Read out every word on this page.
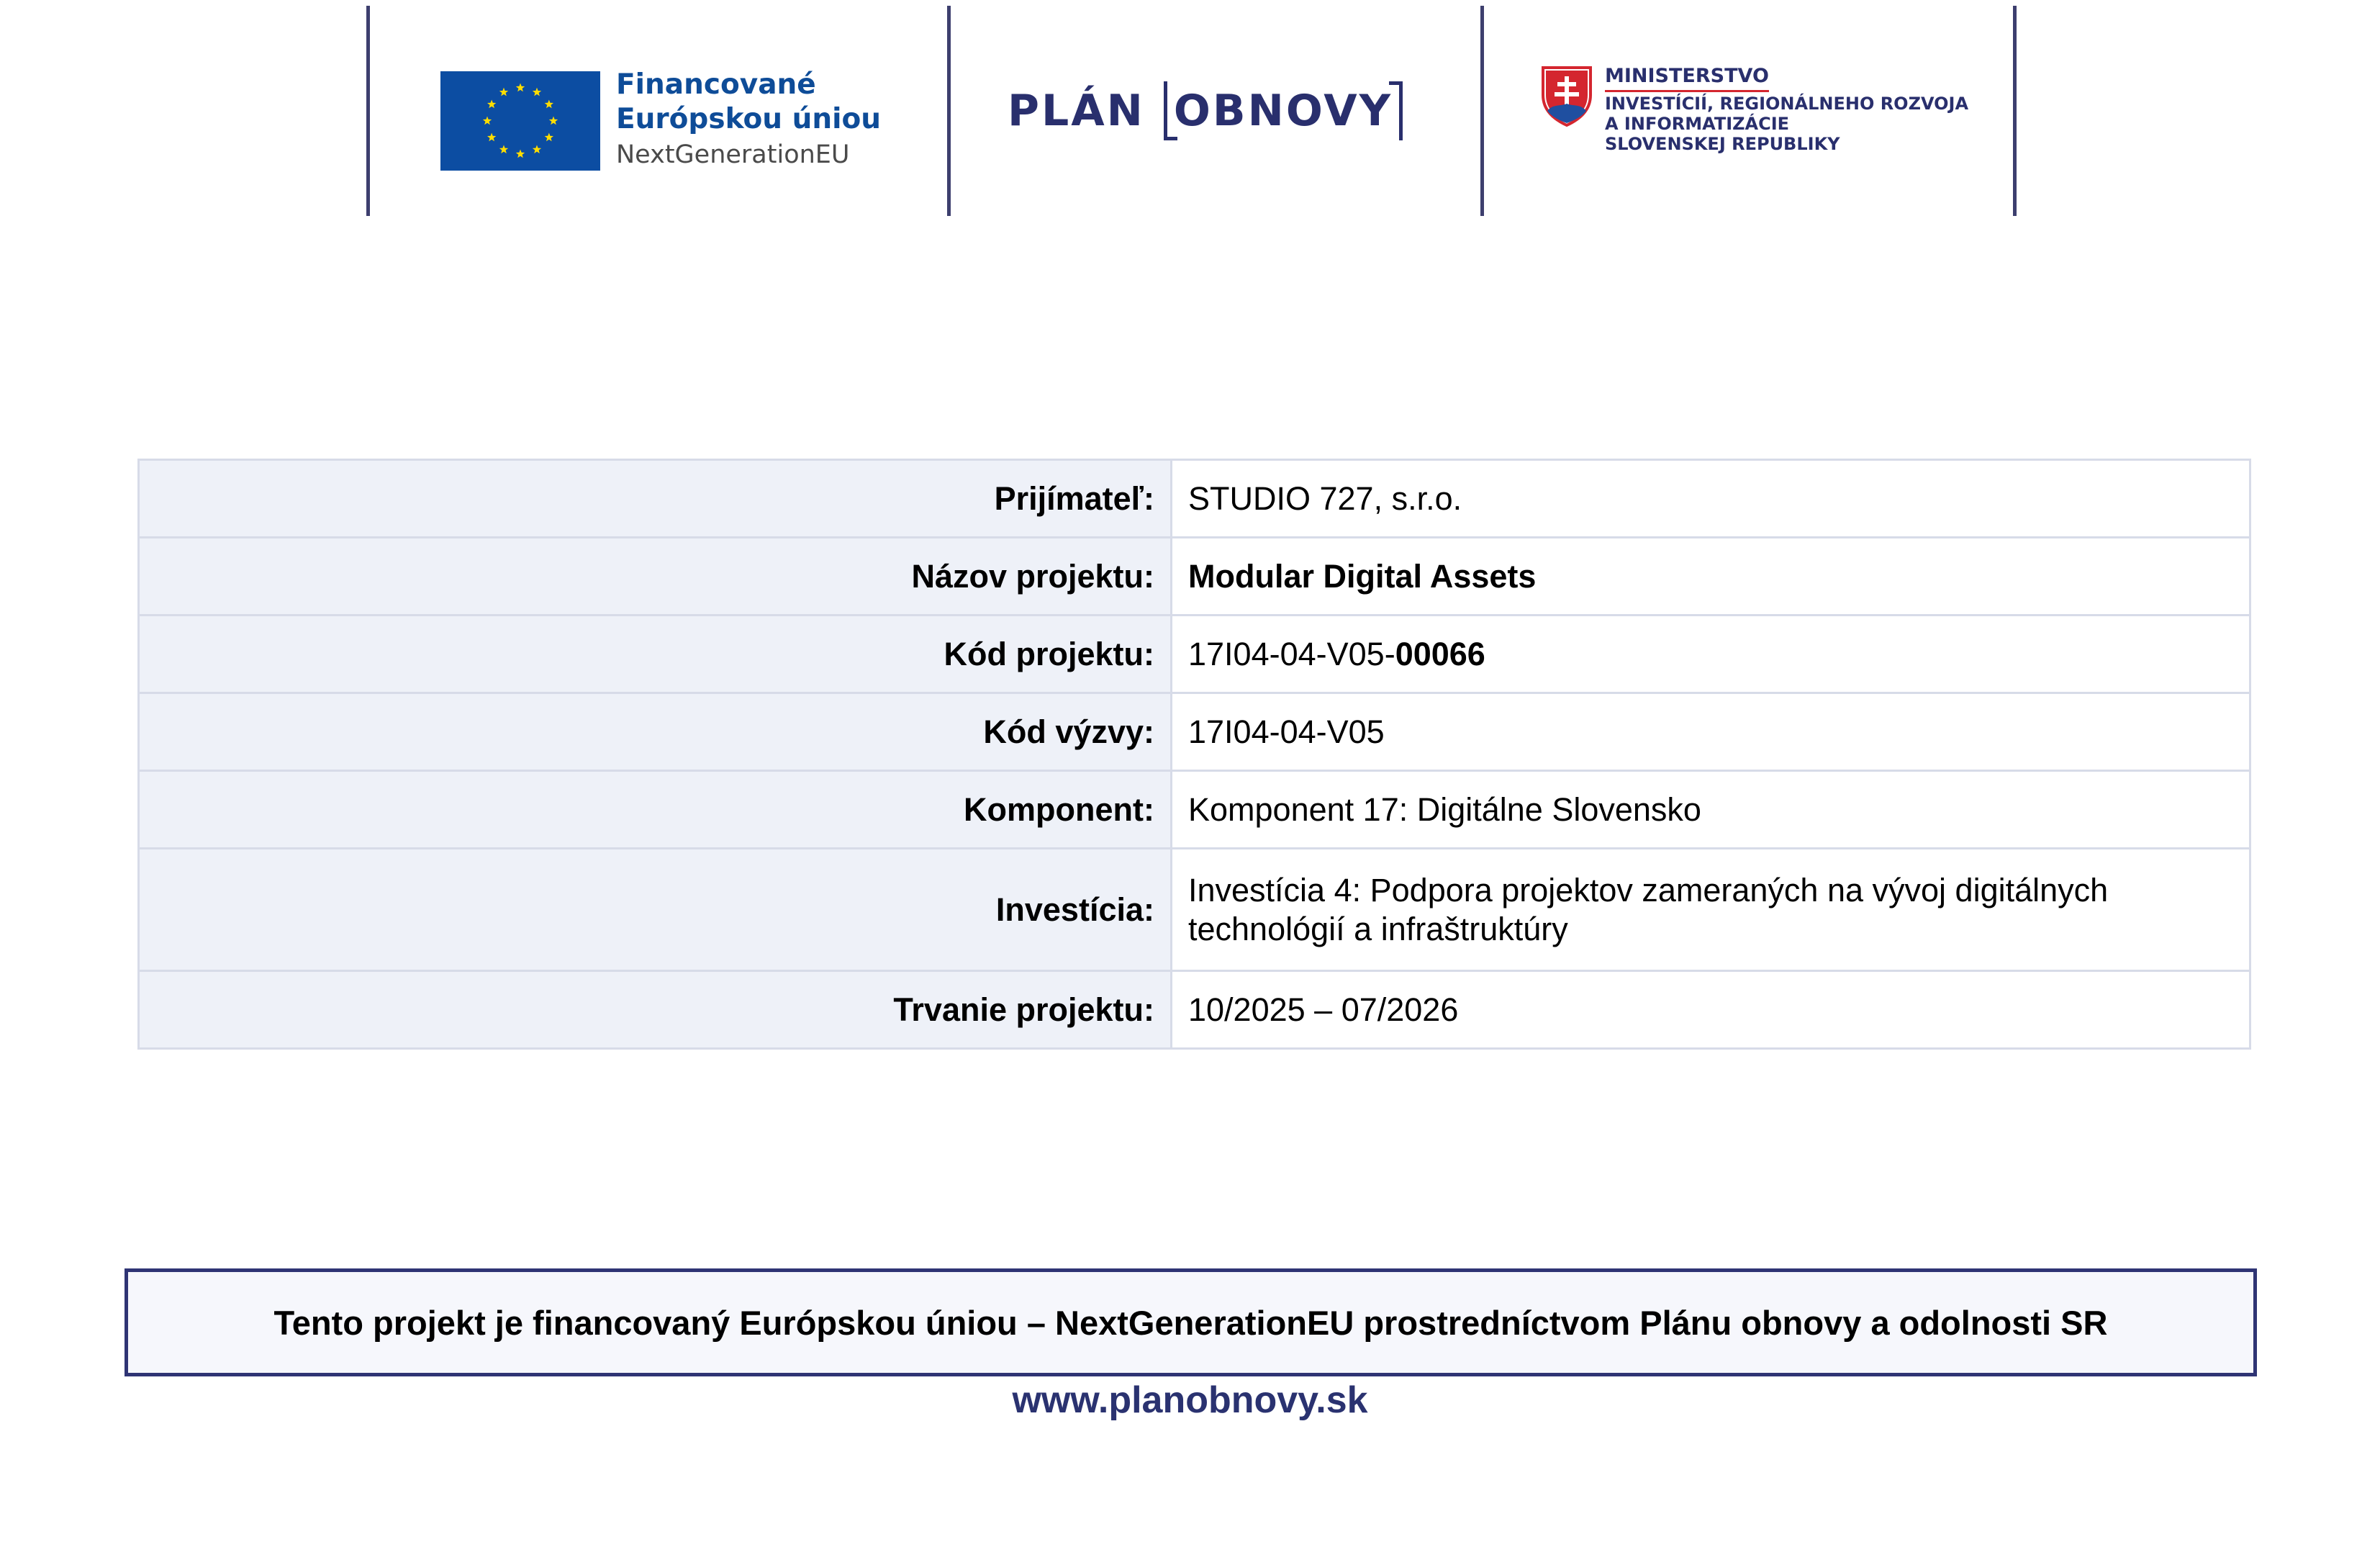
Financované
Európskou úniou
NextGenerationEU
PLÁN OBNOVY
MINISTERSTVO
INVESTÍCIÍ, REGIONÁLNEHO ROZVOJA
A INFORMATIZÁCIE
SLOVENSKEJ REPUBLIKY
Prijímateľ:	STUDIO 727, s.r.o.
Názov projektu:	Modular Digital Assets
Kód projektu:	17I04-04-V05-00066
Kód výzvy:	17I04-04-V05
Komponent:	Komponent 17: Digitálne Slovensko
Investícia:	Investícia 4: Podpora projektov zameraných na vývoj digitálnych
technológií a infraštruktúry

Trvanie projektu:	10/2025 – 07/2026
Tento projekt je financovaný Európskou úniou – NextGenerationEU prostredníctvom Plánu obnovy a odolnosti SR
www.planobnovy.sk
